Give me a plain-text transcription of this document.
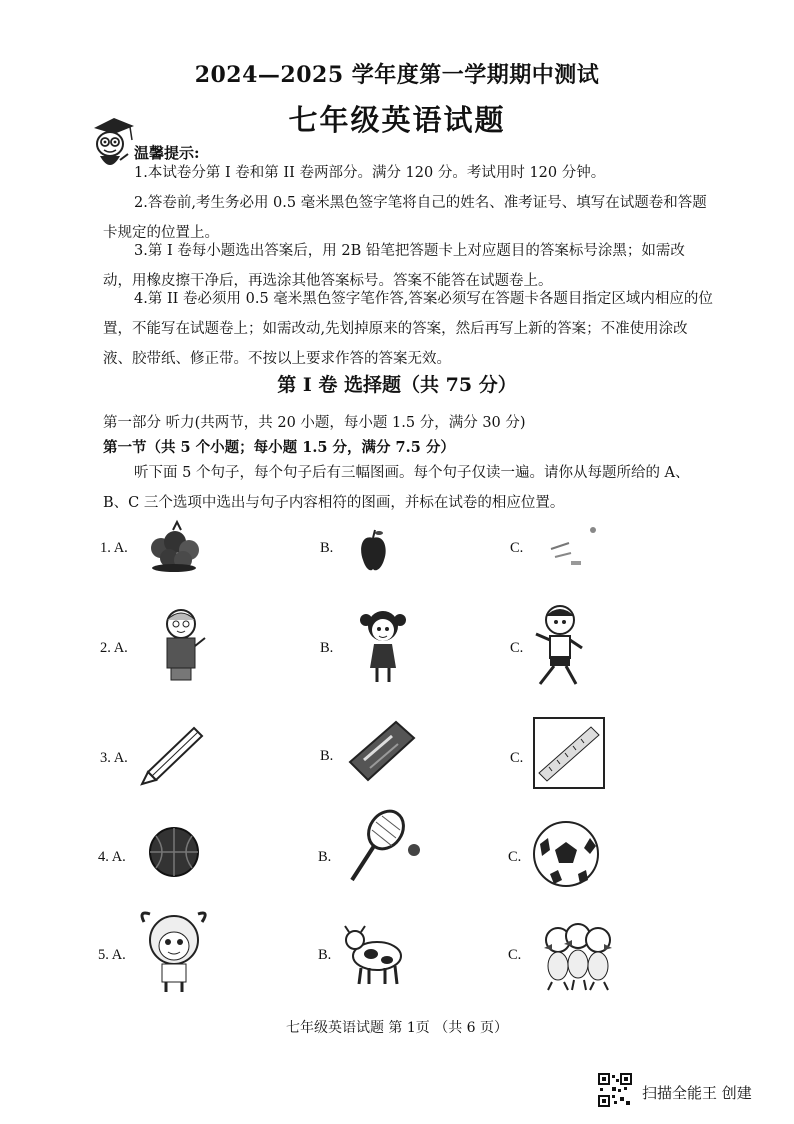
2024—2025 学年度第一学期期中测试
七年级英语试题
温馨提示:
1.本试卷分第 I 卷和第 II 卷两部分。满分 120 分。考试用时 120 分钟。
2.答卷前,考生务必用 0.5 毫米黑色签字笔将自己的姓名、准考证号、填写在试题卷和答题卡规定的位置上。
3.第 I 卷每小题选出答案后，用 2B 铅笔把答题卡上对应题目的答案标号涂黑；如需改动，用橡皮擦干净后，再选涂其他答案标号。答案不能答在试题卷上。
4.第 II 卷必须用 0.5 毫米黑色签字笔作答,答案必须写在答题卡各题目指定区域内相应的位置，不能写在试题卷上；如需改动,先划掉原来的答案，然后再写上新的答案；不准使用涂改液、胶带纸、修正带。不按以上要求作答的答案无效。
第 I 卷 选择题（共 75 分）
第一部分 听力(共两节，共 20 小题，每小题 1.5 分，满分 30 分)
第一节（共 5 个小题；每小题 1.5 分，满分 7.5 分）
听下面 5 个句子，每个句子后有三幅图画。每个句子仅读一遍。请你从每题所给的 A、B、C 三个选项中选出与句子内容相符的图画，并标在试卷的相应位置。
1. A.	B.	C.
2. A.	B.	C.
3. A.	B.	C.
4. A.	B.	C.
5. A.	B.	C.
七年级英语试题 第 1页 （共 6 页）
扫描全能王 创建
